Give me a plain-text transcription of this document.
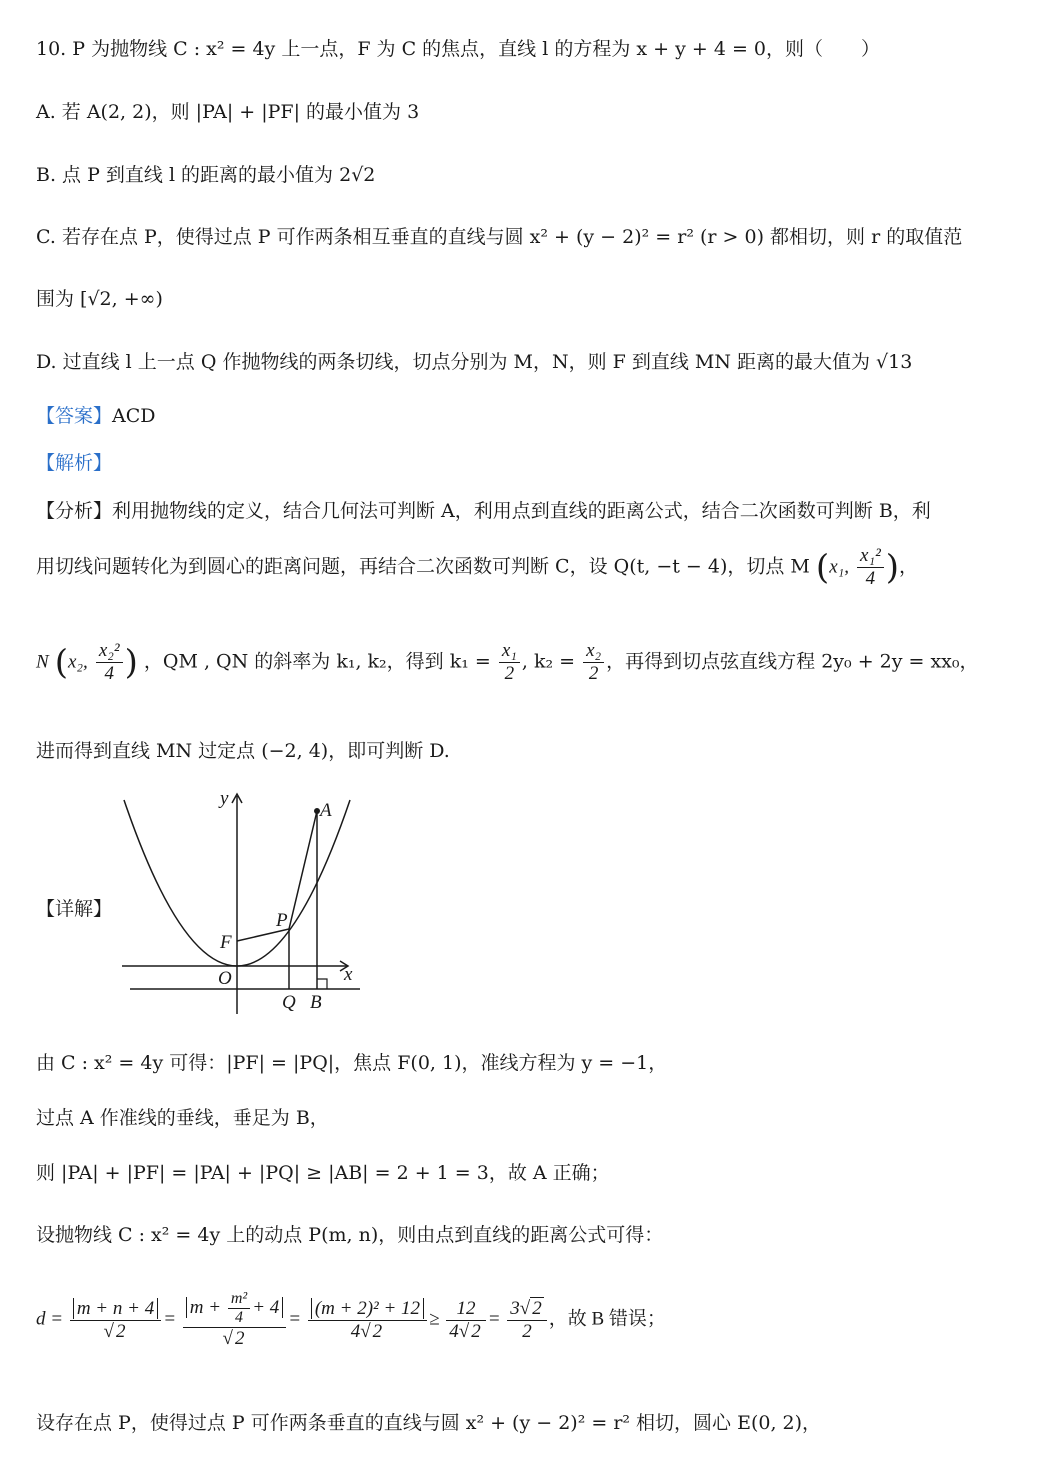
10. P 为抛物线 C : x² = 4y 上一点，F 为 C 的焦点，直线 l 的方程为 x + y + 4 = 0，则（　　）
A. 若 A(2, 2)，则 |PA| + |PF| 的最小值为 3
B. 点 P 到直线 l 的距离的最小值为 2√2
C. 若存在点 P，使得过点 P 可作两条相互垂直的直线与圆 x² + (y − 2)² = r² (r > 0) 都相切，则 r 的取值范
围为 [√2, +∞)
D. 过直线 l 上一点 Q 作抛物线的两条切线，切点分别为 M，N，则 F 到直线 MN 距离的最大值为 √13
【答案】ACD
【解析】
【分析】利用抛物线的定义，结合几何法可判断 A，利用点到直线的距离公式，结合二次函数可判断 B，利
用切线问题转化为到圆心的距离问题，再结合二次函数可判断 C，设 Q(t, −t − 4)，切点 M (x₁, $\frac{\text{x₁²}}{4}$ )，
N (x₂, $\frac{\text{x₂²}}{4}$ ) ，QM , QN 的斜率为 k₁, k₂，得到 $k_1 = \frac{\text{x₁}}{2}$ , $k_2 = \frac{\text{x₂}}{2}$ ，再得到切点弦直线方程 2y₀ + 2y = xx₀，
进而得到直线 MN 过定点 (−2, 4)，即可判断 D.
【详解】
y
x
A
P
F
O
Q B
由 C : x² = 4y 可得：|PF| = |PQ|，焦点 F(0, 1)，准线方程为 y = −1，
过点 A 作准线的垂线，垂足为 B，
则 |PA| + |PF| = |PA| + |PQ| ≥ |AB| = 2 + 1 = 3，故 A 正确；
设抛物线 C : x² = 4y 上的动点 P(m, n)，则由点到直线的距离公式可得：
$d = \frac{m + n + 4}{√ 2} = \frac{m + \frac{\text{m²}}{4} + 4}{√ 2} = \frac{\text{(m + 2)² + 12}}{4√ 2} \ge \frac{12}{4√ 2} = \frac{3√ 2}{2}$ ，故 B 错误；
设存在点 P，使得过点 P 可作两条垂直的直线与圆 x² + (y − 2)² = r² 相切，圆心 E(0, 2)，
